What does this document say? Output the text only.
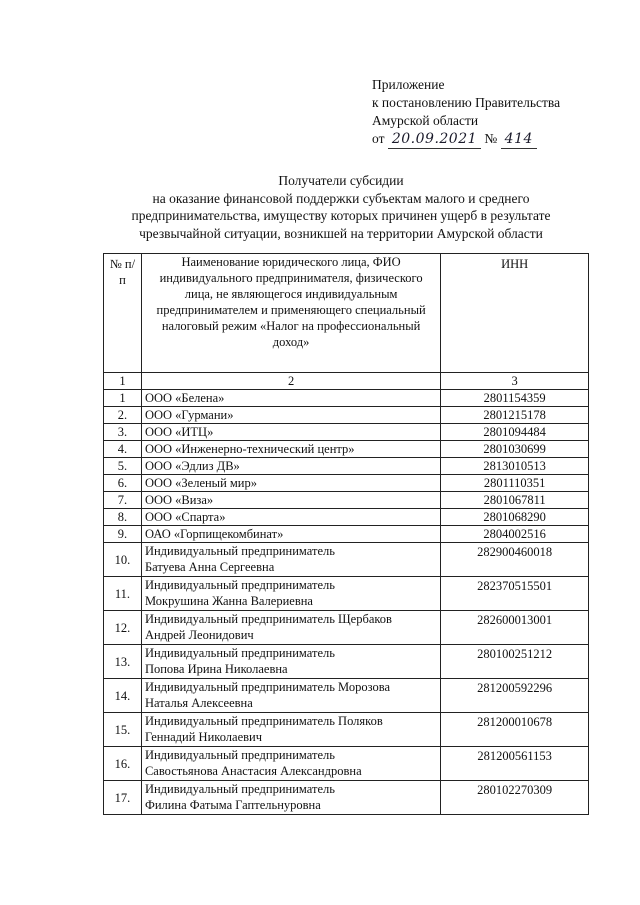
Приложение
к постановлению Правительства
Амурской области
от 20.09.2021 № 414
Получатели субсидии
на оказание финансовой поддержки субъектам малого и среднего
предпринимательства, имуществу которых причинен ущерб в результате
чрезвычайной ситуации, возникшей на территории Амурской области
№ п/п	Наименование юридического лица, ФИО индивидуального предпринимателя, физического лица, не являющегося индивидуальным предпринимателем и применяющего специальный налоговый режим «Налог на профессиональный доход»	ИНН
1	2	3
1	ООО «Белена»	2801154359
2.	ООО «Гурмани»	2801215178
3.	ООО «ИТЦ»	2801094484
4.	ООО «Инженерно-технический центр»	2801030699
5.	ООО «Эдлиз ДВ»	2813010513
6.	ООО «Зеленый мир»	2801110351
7.	ООО «Виза»	2801067811
8.	ООО «Спарта»	2801068290
9.	ОАО «Горпищекомбинат»	2804002516
10.	Индивидуальный предприниматель
Батуева Анна Сергеевна	282900460018
11.	Индивидуальный предприниматель
Мокрушина Жанна Валериевна	282370515501
12.	Индивидуальный предприниматель Щербаков
Андрей Леонидович	282600013001
13.	Индивидуальный предприниматель
Попова Ирина Николаевна	280100251212
14.	Индивидуальный предприниматель Морозова
Наталья Алексеевна	281200592296
15.	Индивидуальный предприниматель Поляков
Геннадий Николаевич	281200010678
16.	Индивидуальный предприниматель
Савостьянова Анастасия Александровна	281200561153
17.	Индивидуальный предприниматель
Филина Фатыма Гаптельнуровна	280102270309
